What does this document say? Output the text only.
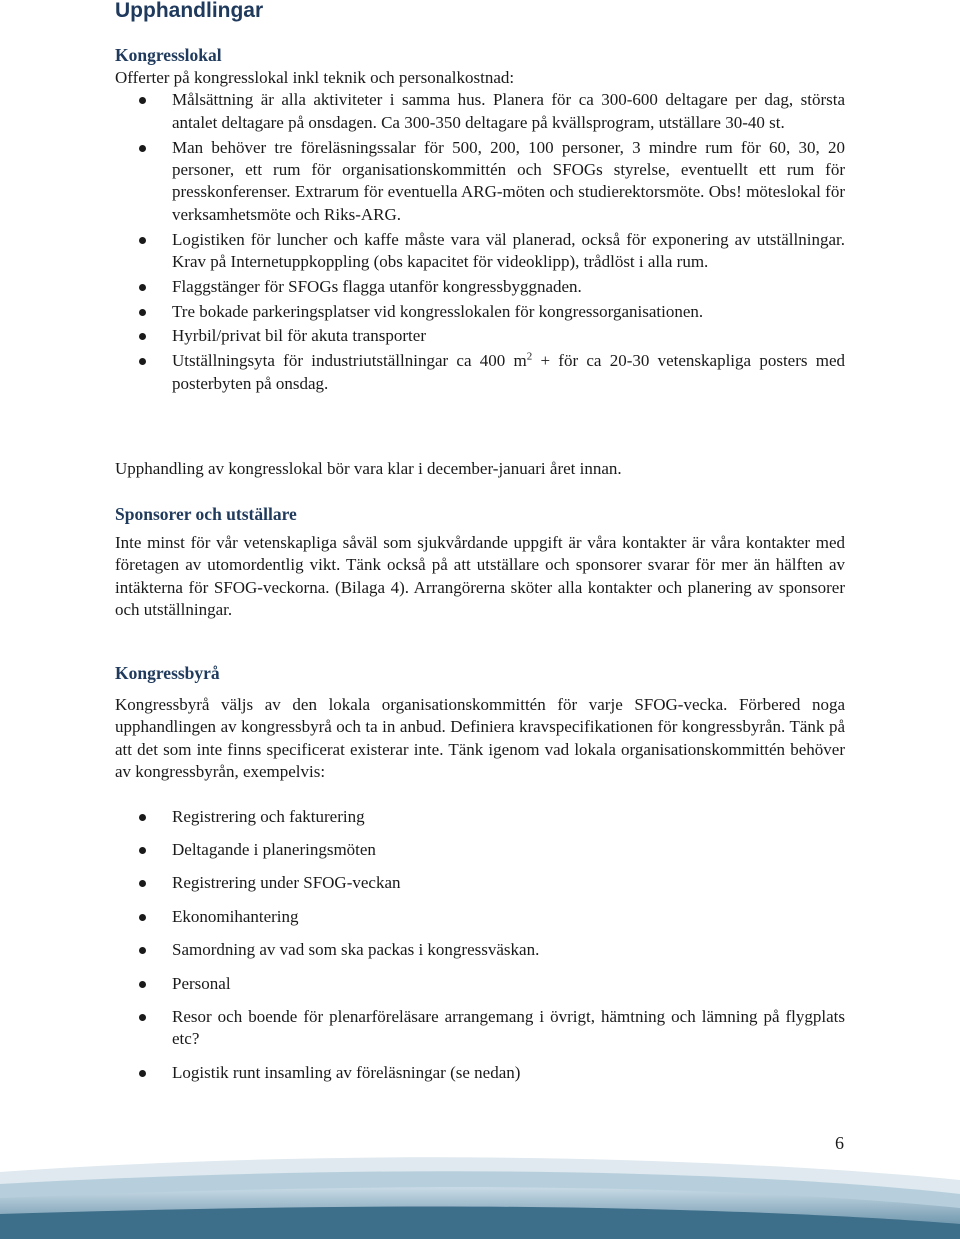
Upphandlingar
Kongresslokal

Offerter på kongresslokal inkl teknik och personalkostnad:

Målsättning är alla aktiviteter i samma hus. Planera för ca 300-600 deltagare per dag, största antalet deltagare på onsdagen. Ca 300-350 deltagare på kvällsprogram, utställare 30-40 st.
Man behöver tre föreläsningssalar för 500, 200, 100 personer, 3 mindre rum för 60, 30, 20 personer, ett rum för organisationskommittén och SFOGs styrelse, eventuellt ett rum för presskonferenser. Extrarum för eventuella ARG-möten och studierektorsmöte. Obs! möteslokal för verksamhetsmöte och Riks-ARG.
Logistiken för luncher och kaffe måste vara väl planerad, också för exponering av utställningar. Krav på Internetuppkoppling (obs kapacitet för videoklipp), trådlöst i alla rum.
Flaggstänger för SFOGs flagga utanför kongressbyggnaden.
Tre bokade parkeringsplatser vid kongresslokalen för kongressorganisationen.
Hyrbil/privat bil för akuta transporter
Utställningsyta för industriutställningar ca 400 $m^2$ + för ca 20-30 vetenskapliga posters med posterbyten på onsdag.

Upphandling av kongresslokal bör vara klar i december-januari året innan.

Sponsorer och utställare

Inte minst för vår vetenskapliga såväl som sjukvårdande uppgift är våra kontakter är våra kontakter med företagen av utomordentlig vikt. Tänk också på att utställare och sponsorer svarar för mer än hälften av intäkterna för SFOG-veckorna. (Bilaga 4). Arrangörerna sköter alla kontakter och planering av sponsorer och utställningar.

Kongressbyrå

Kongressbyrå väljs av den lokala organisationskommittén för varje SFOG-vecka. Förbered noga upphandlingen av kongressbyrå och ta in anbud. Definiera kravspecifikationen för kongressbyrån. Tänk på att det som inte finns specificerat existerar inte. Tänk igenom vad lokala organisationskommittén behöver av kongressbyrån, exempelvis:

Registrering och fakturering
Deltagande i planeringsmöten
Registrering under SFOG-veckan
Ekonomihantering
Samordning av vad som ska packas i kongressväskan.
Personal
Resor och boende för plenarföreläsare arrangemang i övrigt, hämtning och lämning på flygplats etc?
Logistik runt insamling av föreläsningar (se nedan)
6
